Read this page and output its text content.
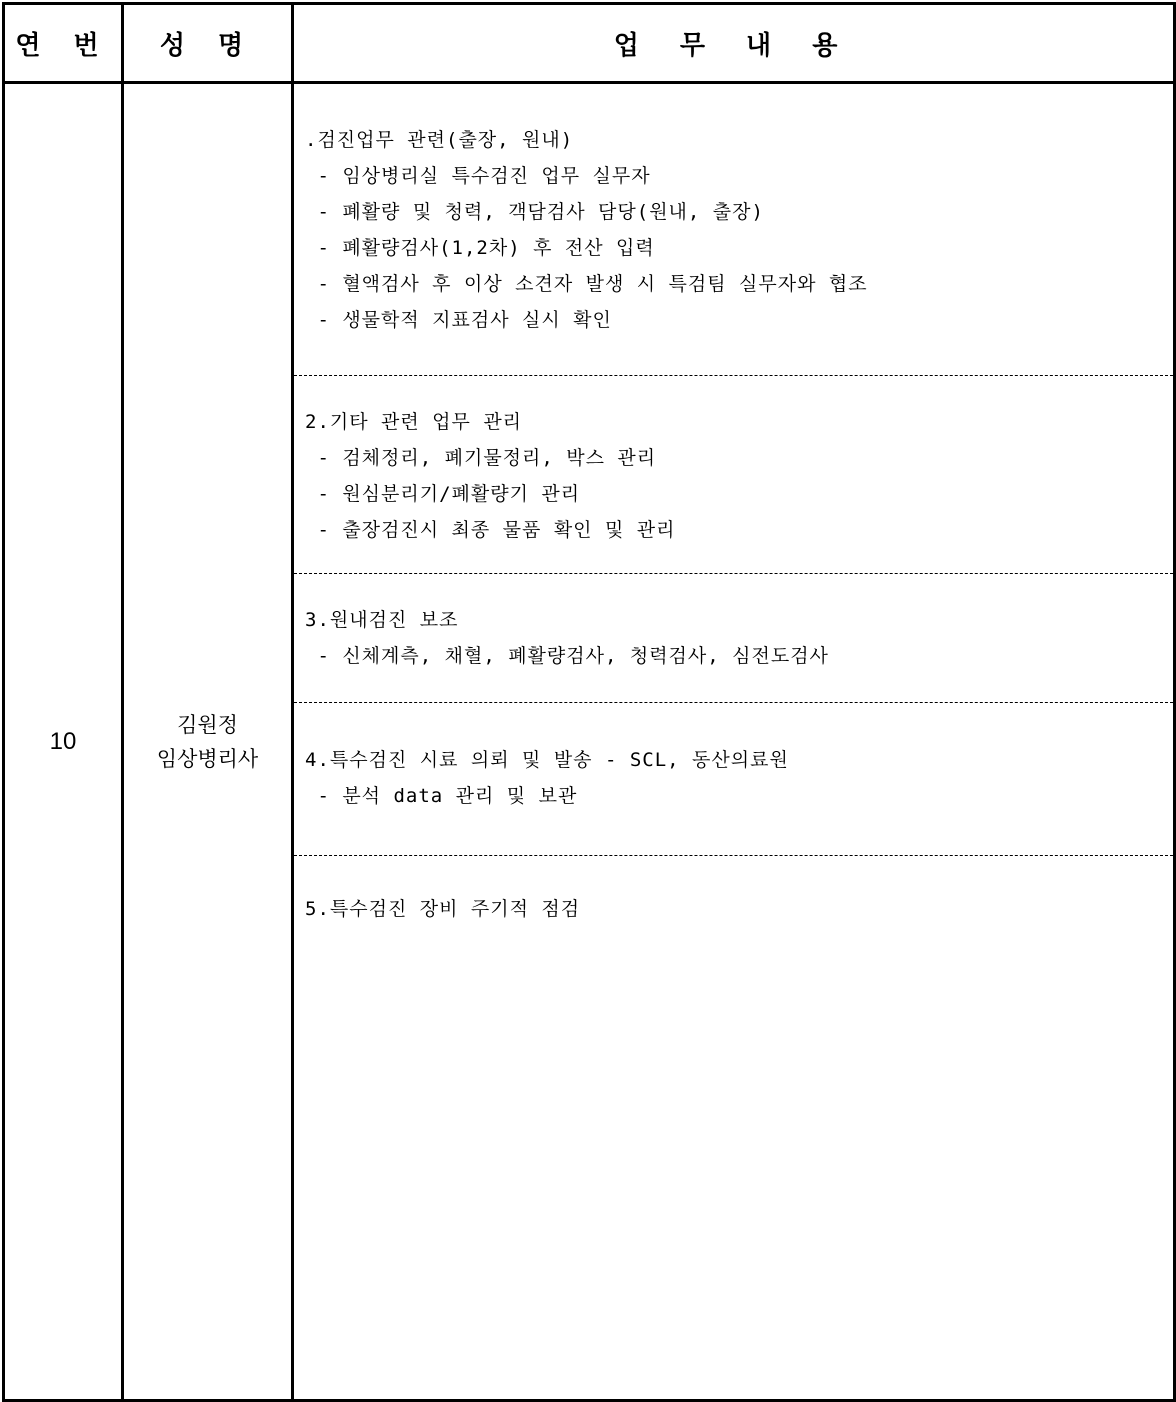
연 번	성 명	업 무 내 용
10
김원정
임상병리사
.검진업무 관련(출장, 원내)
- 임상병리실 특수검진 업무 실무자
- 폐활량 및 청력, 객담검사 담당(원내, 출장)
- 폐활량검사(1,2차) 후 전산 입력
- 혈액검사 후 이상 소견자 발생 시 특검팀 실무자와 협조
- 생물학적 지표검사 실시 확인
2.기타 관련 업무 관리
- 검체정리, 폐기물정리, 박스 관리
- 원심분리기/폐활량기 관리
- 출장검진시 최종 물품 확인 및 관리
3.원내검진 보조
- 신체계측, 채혈, 폐활량검사, 청력검사, 심전도검사
4.특수검진 시료 의뢰 및 발송 - SCL, 동산의료원
- 분석 data 관리 및 보관
5.특수검진 장비 주기적 점검
